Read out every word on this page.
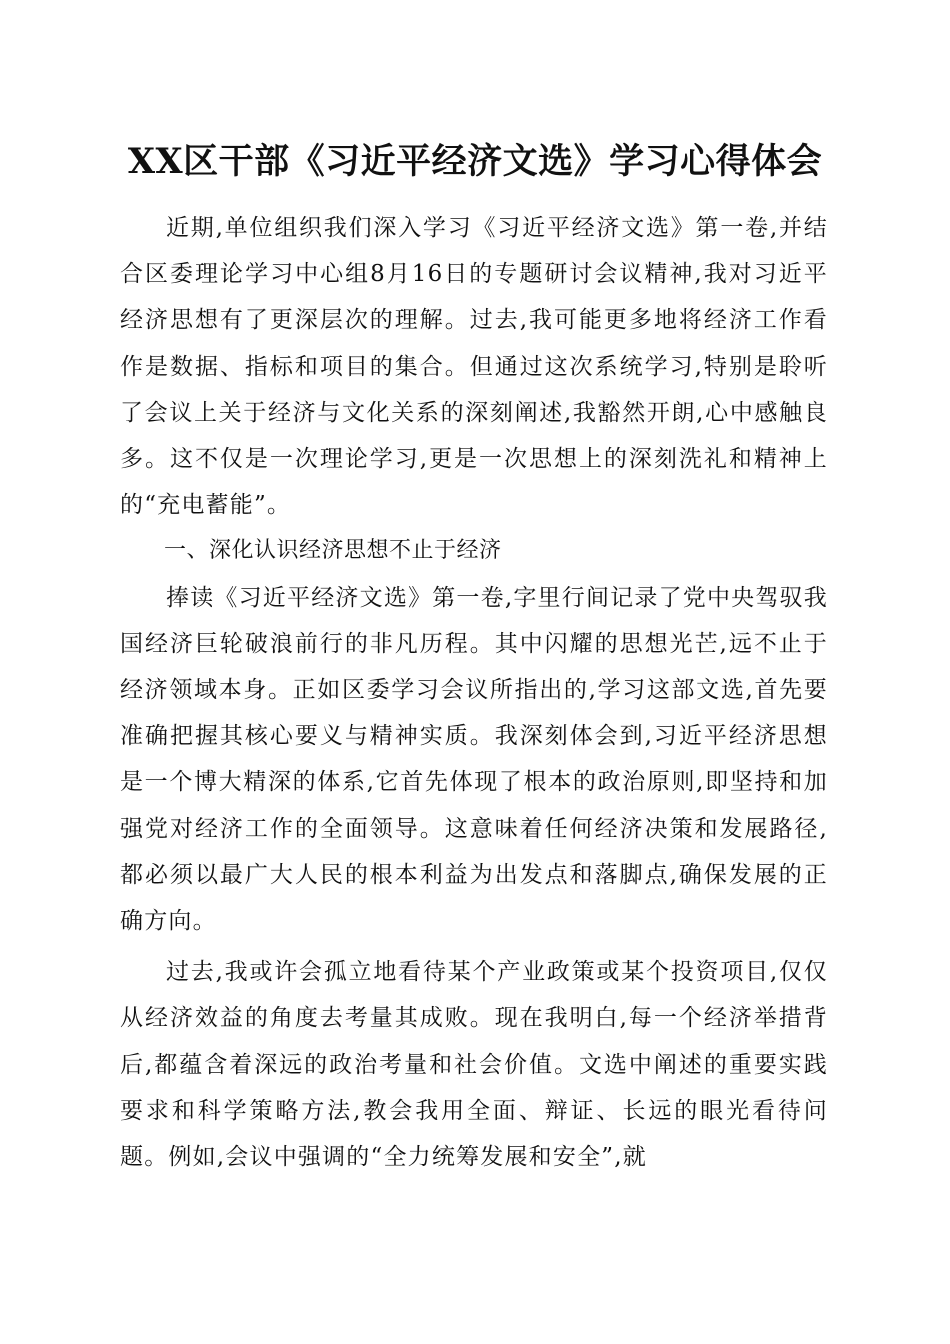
XX区干部《习近平经济文选》学习心得体会

近期,单位组织我们深入学习《习近平经济文选》第一卷,并结合区委理论学习中心组8月16日的专题研讨会议精神,我对习近平经济思想有了更深层次的理解。过去,我可能更多地将经济工作看作是数据、指标和项目的集合。但通过这次系统学习,特别是聆听了会议上关于经济与文化关系的深刻阐述,我豁然开朗,心中感触良多。这不仅是一次理论学习,更是一次思想上的深刻洗礼和精神上的“充电蓄能”。

一、深化认识经济思想不止于经济

捧读《习近平经济文选》第一卷,字里行间记录了党中央驾驭我国经济巨轮破浪前行的非凡历程。其中闪耀的思想光芒,远不止于经济领域本身。正如区委学习会议所指出的,学习这部文选,首先要准确把握其核心要义与精神实质。我深刻体会到,习近平经济思想是一个博大精深的体系,它首先体现了根本的政治原则,即坚持和加强党对经济工作的全面领导。这意味着任何经济决策和发展路径,都必须以最广大人民的根本利益为出发点和落脚点,确保发展的正确方向。

过去,我或许会孤立地看待某个产业政策或某个投资项目,仅仅从经济效益的角度去考量其成败。现在我明白,每一个经济举措背后,都蕴含着深远的政治考量和社会价值。文选中阐述的重要实践要求和科学策略方法,教会我用全面、辩证、长远的眼光看待问题。例如,会议中强调的“全力统筹发展和安全”,就
